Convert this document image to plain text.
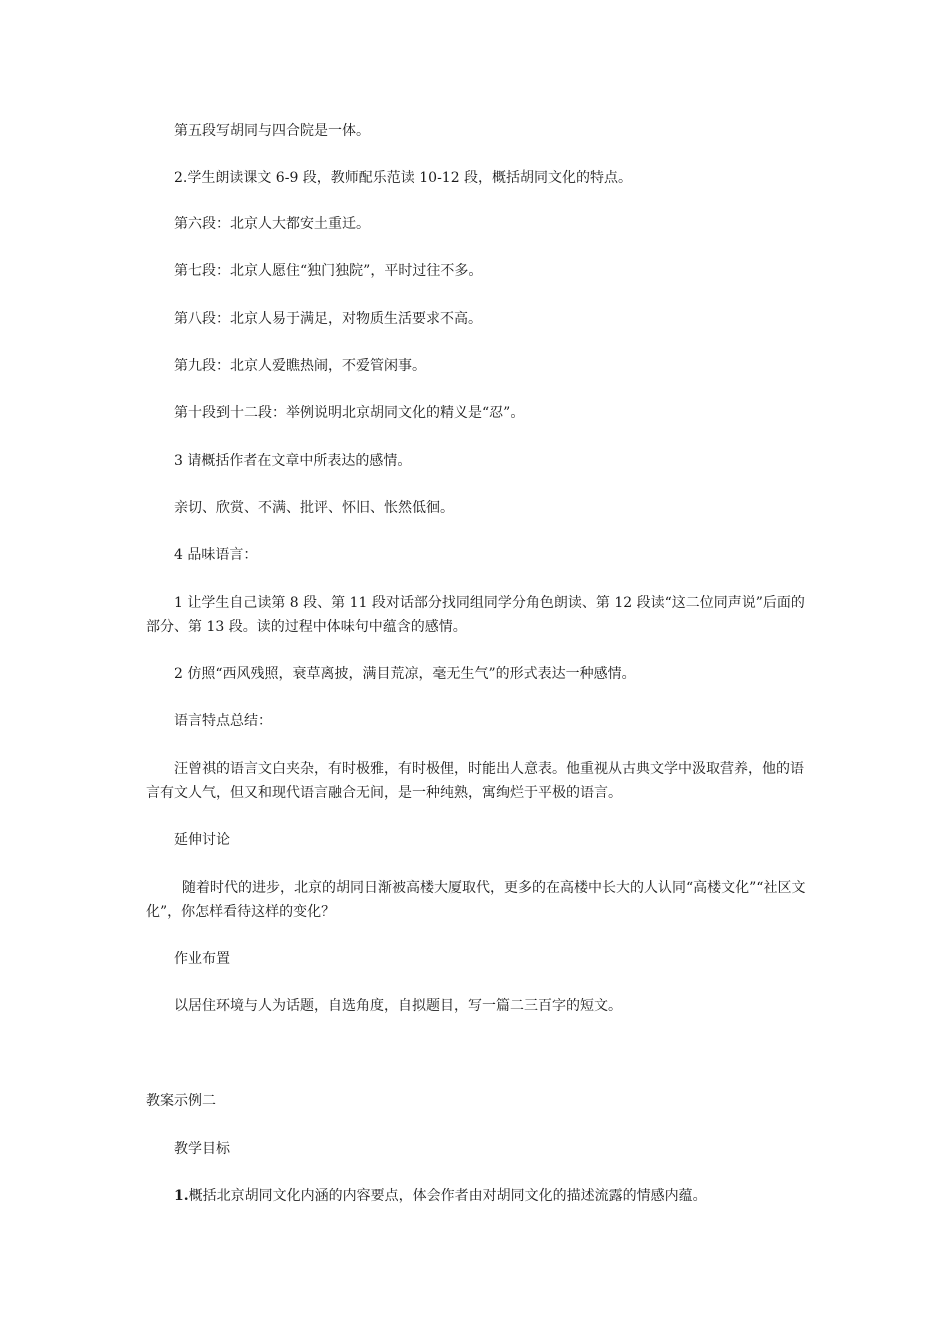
第五段写胡同与四合院是一体。

2.学生朗读课文 6-9 段，教师配乐范读 10-12 段，概括胡同文化的特点。

第六段：北京人大都安土重迁。

第七段：北京人愿住“独门独院”，平时过往不多。

第八段：北京人易于满足，对物质生活要求不高。

第九段：北京人爱瞧热闹，不爱管闲事。

第十段到十二段：举例说明北京胡同文化的精义是“忍”。

3 请概括作者在文章中所表达的感情。

亲切、欣赏、不满、批评、怀旧、怅然低徊。

4 品味语言：

1 让学生自己读第 8 段、第 11 段对话部分找同组同学分角色朗读、第 12 段读“这二位同声说”后面的部分、第 13 段。读的过程中体味句中蕴含的感情。

2 仿照“西风残照，衰草离披，满目荒凉，毫无生气”的形式表达一种感情。

语言特点总结：

汪曾祺的语言文白夹杂，有时极雅，有时极俚，时能出人意表。他重视从古典文学中汲取营养，他的语言有文人气，但又和现代语言融合无间，是一种纯熟，寓绚烂于平极的语言。

延伸讨论

随着时代的进步，北京的胡同日渐被高楼大厦取代，更多的在高楼中长大的人认同“高楼文化”“社区文化”，你怎样看待这样的变化？

作业布置

以居住环境与人为话题，自选角度，自拟题目，写一篇二三百字的短文。

教案示例二

教学目标

1.概括北京胡同文化内涵的内容要点，体会作者由对胡同文化的描述流露的情感内蕴。
